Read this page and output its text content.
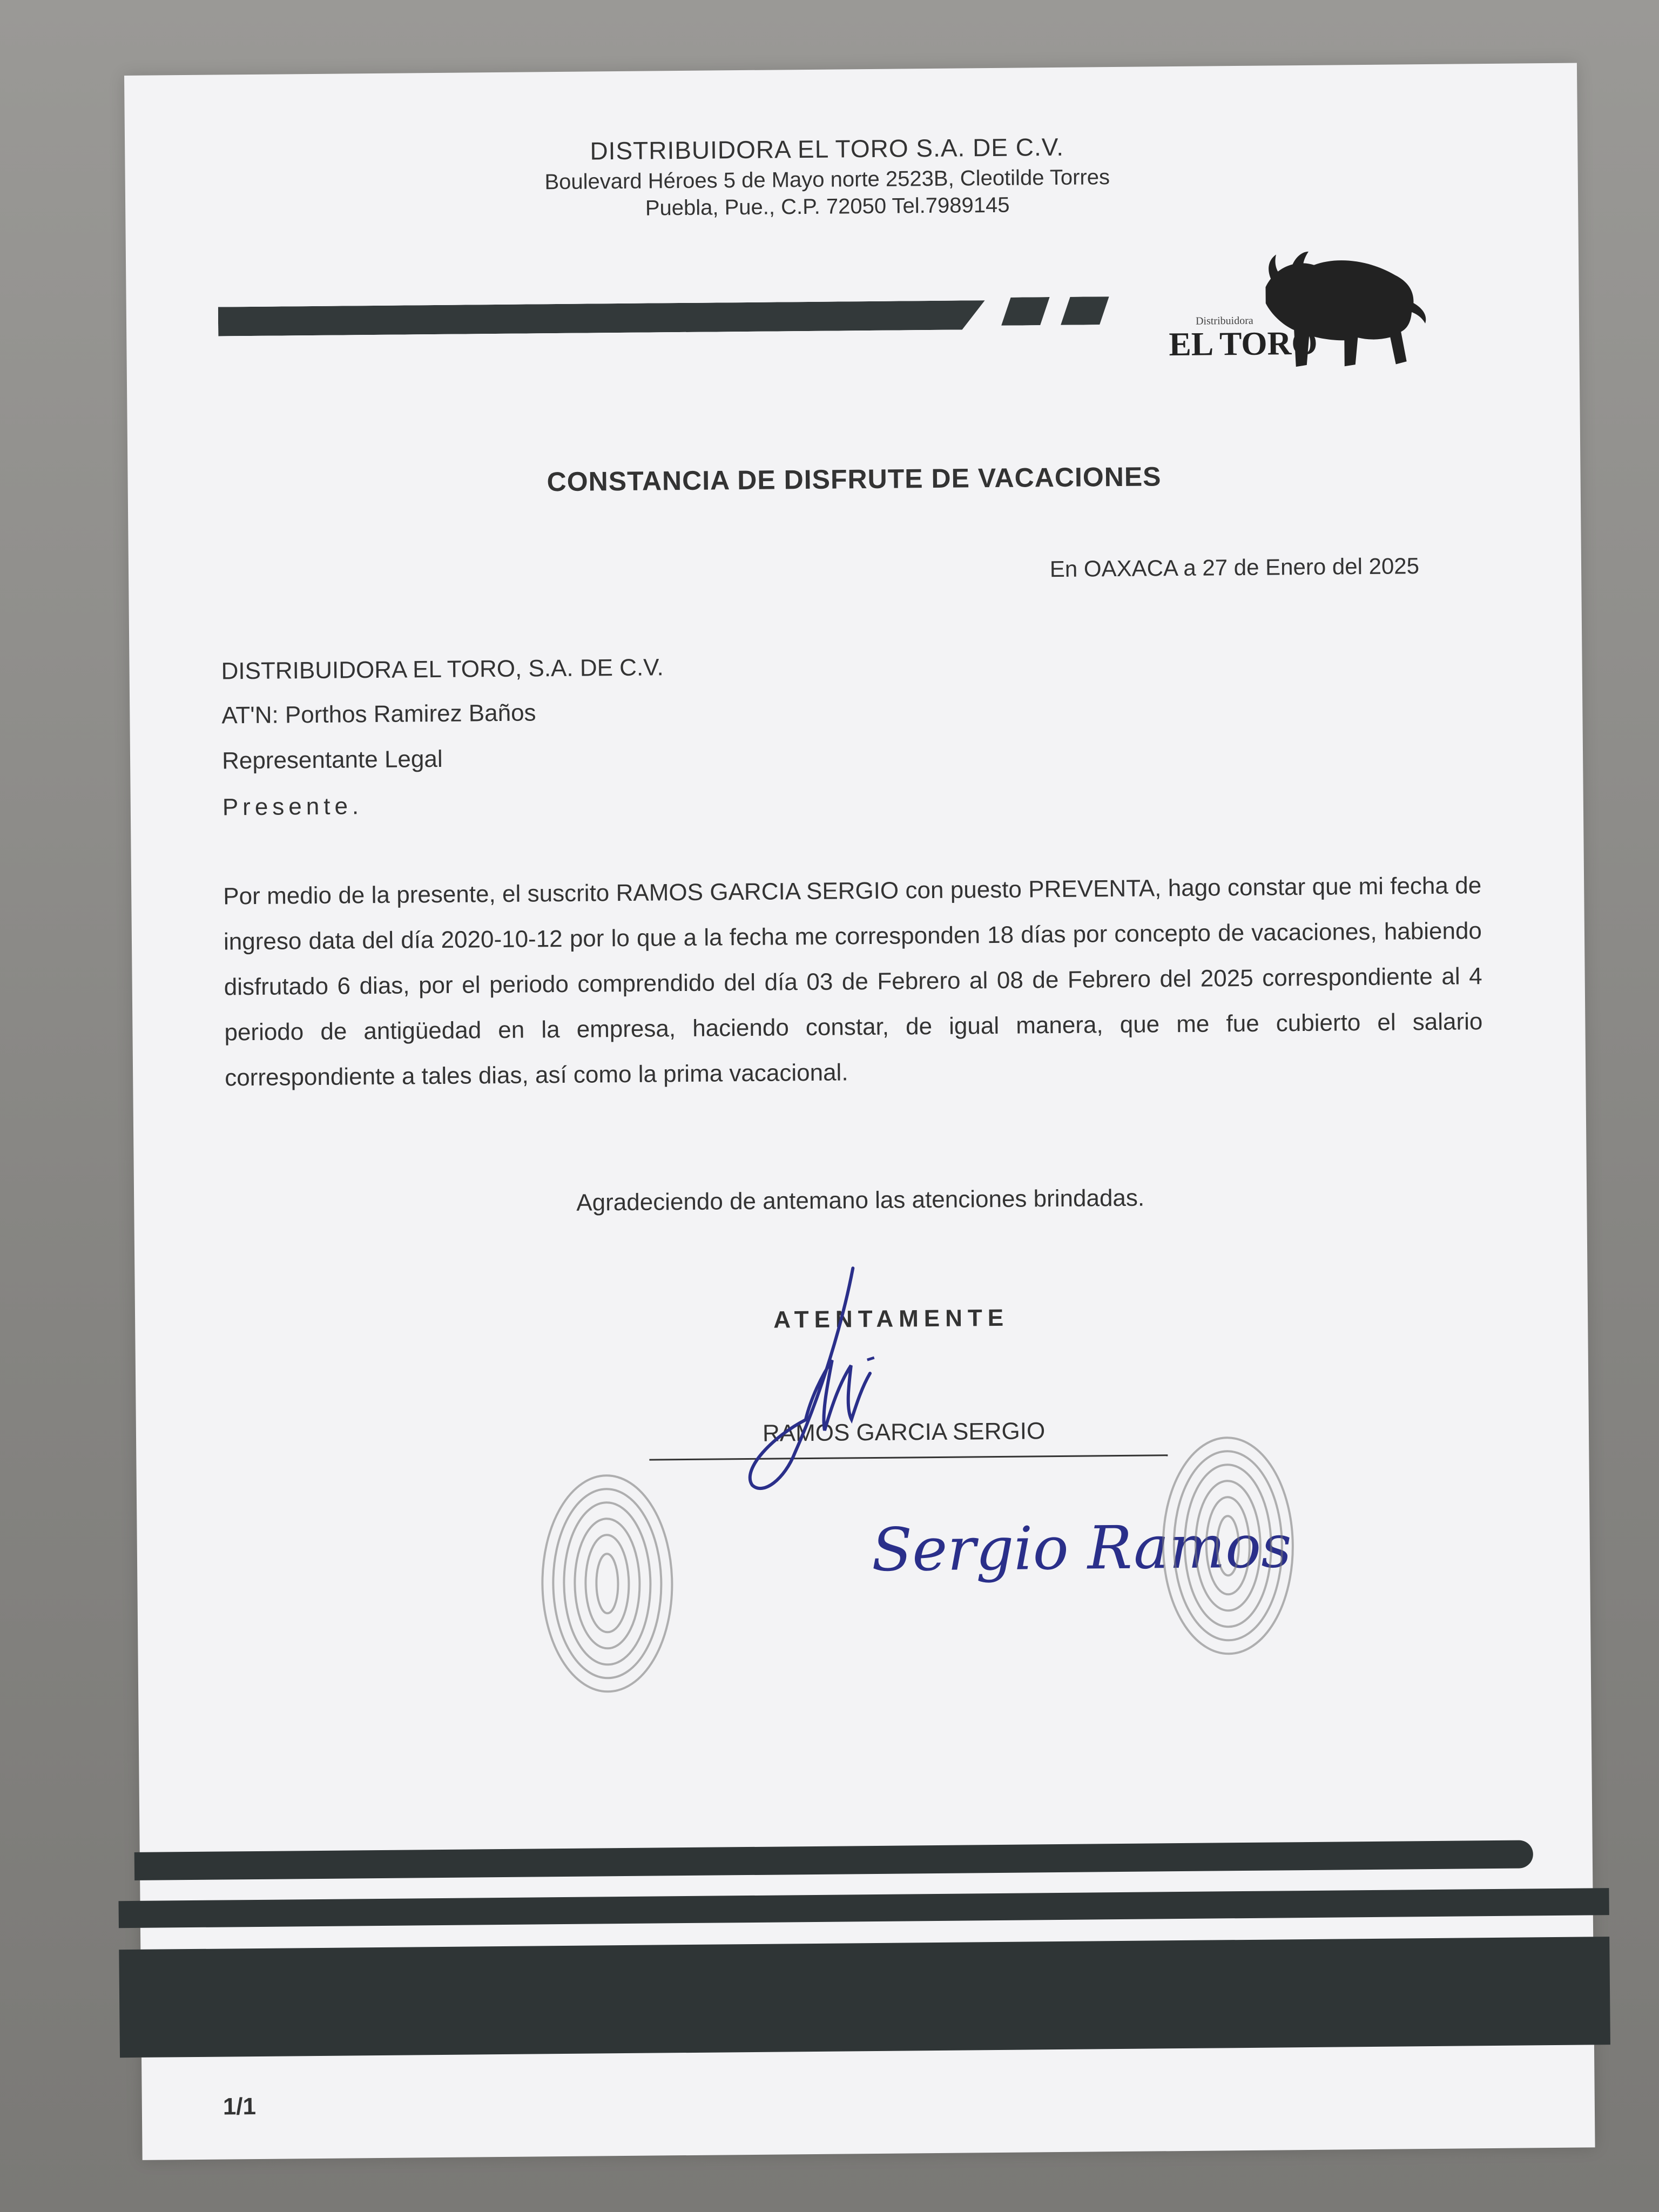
DISTRIBUIDORA EL TORO S.A. DE C.V.
Boulevard Héroes 5 de Mayo norte 2523B, Cleotilde Torres
Puebla, Pue., C.P. 72050 Tel.7989145
EL TORO
Distribuidora
CONSTANCIA DE DISFRUTE DE VACACIONES
En OAXACA a 27 de Enero del 2025
DISTRIBUIDORA EL TORO, S.A. DE C.V.
AT'N: Porthos Ramirez Baños
Representante Legal
Presente.
Por medio de la presente, el suscrito RAMOS GARCIA SERGIO con puesto PREVENTA, hago constar que mi fecha de ingreso data del día 2020-10-12 por lo que a la fecha me corresponden 18 días por concepto de vacaciones, habiendo disfrutado 6 dias, por el periodo comprendido del día 03 de Febrero al 08 de Febrero del 2025 correspondiente al 4 periodo de antigüedad en la empresa, haciendo constar, de igual manera, que me fue cubierto el salario correspondiente a tales dias, así como la prima vacacional.
Agradeciendo de antemano las atenciones brindadas.
ATENTAMENTE
RAMOS GARCIA SERGIO
Sergio Ramos
1/1
